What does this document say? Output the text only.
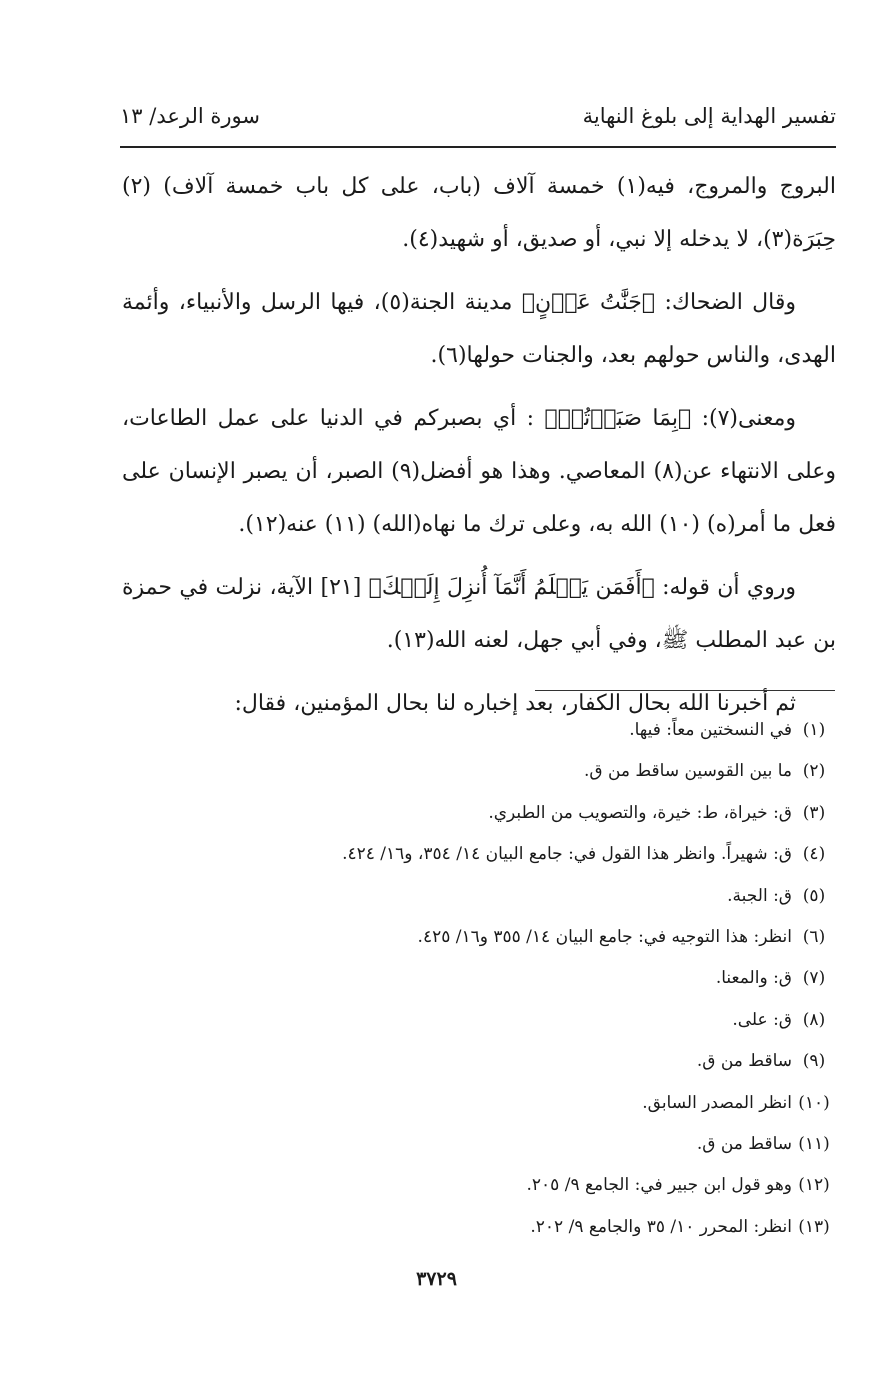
تفسير الهداية إلى بلوغ النهاية
سورة الرعد/ ١٣

البروج والمروج، فيه(١) خمسة آلاف (باب، على كل باب خمسة آلاف) (٢) حِبَرَة(٣)، لا يدخله إلا نبي، أو صديق، أو شهيد(٤).

وقال الضحاك: ﴿جَنَّٰتُ عَدۡنٍ﴾ مدينة الجنة(٥)، فيها الرسل والأنبياء، وأئمة الهدى، والناس حولهم بعد، والجنات حولها(٦).

ومعنى(٧): ﴿بِمَا صَبَرۡتُمۡ﴾ : أي بصبركم في الدنيا على عمل الطاعات، وعلى الانتهاء عن(٨) المعاصي. وهذا هو أفضل(٩) الصبر، أن يصبر الإنسان على فعل ما أمر(ه) (١٠) الله به، وعلى ترك ما نهاه(الله) (١١) عنه(١٢).

وروي أن قوله: ﴿أَفَمَن يَعۡلَمُ أَنَّمَآ أُنزِلَ إِلَيۡكَ﴾ [٢١] الآية، نزلت في حمزة بن عبد المطلب ﷺ، وفي أبي جهل، لعنه الله(١٣).

ثم أخبرنا الله بحال الكفار، بعد إخباره لنا بحال المؤمنين، فقال:

(١)في النسختين معاً: فيها.
(٢)ما بين القوسين ساقط من ق.
(٣)ق: خيراة، ط: خيرة، والتصويب من الطبري.
(٤)ق: شهيراً. وانظر هذا القول في: جامع البيان ١٤/ ٣٥٤، و١٦/ ٤٢٤.
(٥)ق: الجبة.
(٦)انظر: هذا التوجيه في: جامع البيان ١٤/ ٣٥٥ و١٦/ ٤٢٥.
(٧)ق: والمعنا.
(٨)ق: على.
(٩)ساقط من ق.
(١٠)انظر المصدر السابق.
(١١)ساقط من ق.
(١٢)وهو قول ابن جبير في: الجامع ٩/ ٢٠٥.
(١٣)انظر: المحرر ١٠/ ٣٥ والجامع ٩/ ٢٠٢.
٣٧٢٩
